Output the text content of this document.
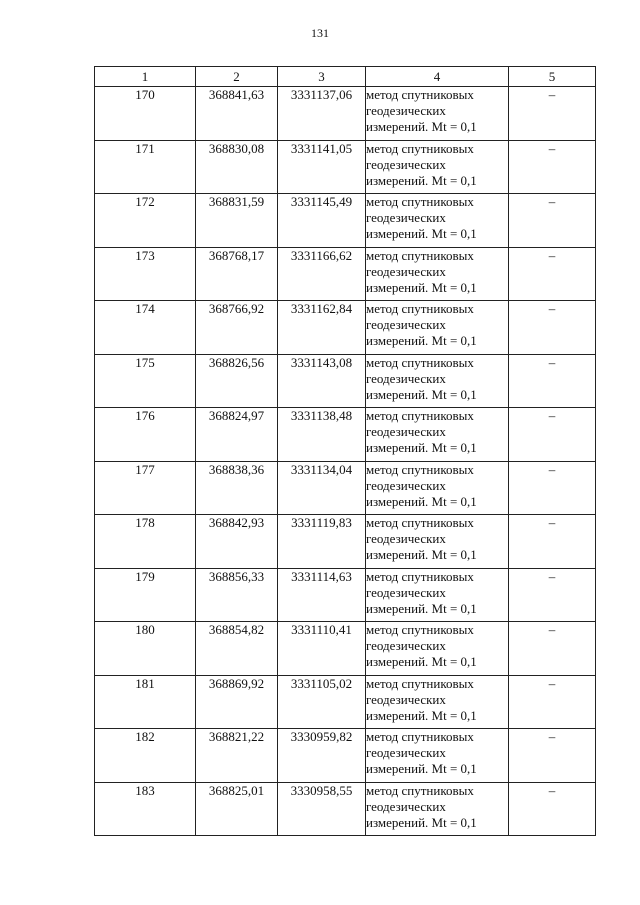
131
1	2	3	4	5
170	368841,63	3331137,06	метод спутниковых
геодезических
измерений. Mt = 0,1	–
171	368830,08	3331141,05	метод спутниковых
геодезических
измерений. Mt = 0,1	–
172	368831,59	3331145,49	метод спутниковых
геодезических
измерений. Mt = 0,1	–
173	368768,17	3331166,62	метод спутниковых
геодезических
измерений. Mt = 0,1	–
174	368766,92	3331162,84	метод спутниковых
геодезических
измерений. Mt = 0,1	–
175	368826,56	3331143,08	метод спутниковых
геодезических
измерений. Mt = 0,1	–
176	368824,97	3331138,48	метод спутниковых
геодезических
измерений. Mt = 0,1	–
177	368838,36	3331134,04	метод спутниковых
геодезических
измерений. Mt = 0,1	–
178	368842,93	3331119,83	метод спутниковых
геодезических
измерений. Mt = 0,1	–
179	368856,33	3331114,63	метод спутниковых
геодезических
измерений. Mt = 0,1	–
180	368854,82	3331110,41	метод спутниковых
геодезических
измерений. Mt = 0,1	–
181	368869,92	3331105,02	метод спутниковых
геодезических
измерений. Mt = 0,1	–
182	368821,22	3330959,82	метод спутниковых
геодезических
измерений. Mt = 0,1	–
183	368825,01	3330958,55	метод спутниковых
геодезических
измерений. Mt = 0,1	–
